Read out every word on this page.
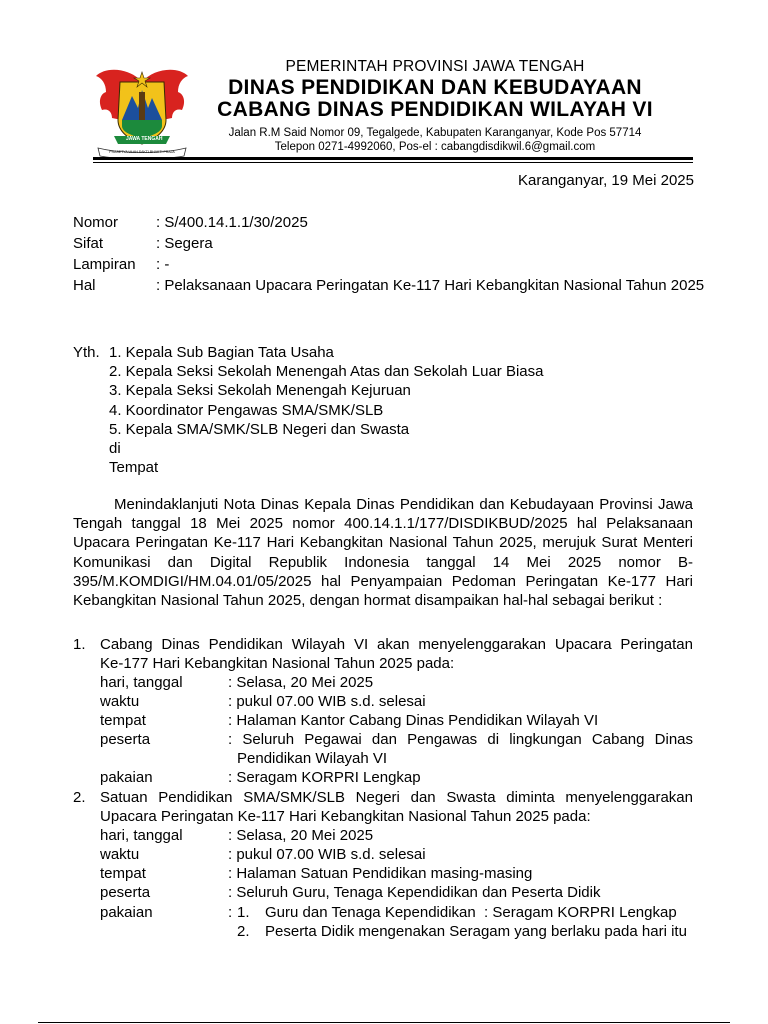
JAWA TENGAH
PRASETYA ULAH SAKTI BHAKTI PRAJA
PEMERINTAH PROVINSI JAWA TENGAH
DINAS PENDIDIKAN DAN KEBUDAYAAN
CABANG DINAS PENDIDIKAN WILAYAH VI
Jalan R.M Said Nomor 09, Tegalgede, Kabupaten Karanganyar, Kode Pos 57714
Telepon 0271-4992060, Pos-el : cabangdisdikwil.6@gmail.com
Karanganyar, 19 Mei 2025
Nomor	: S/400.14.1.1/30/2025
Sifat	: Segera
Lampiran : -
Hal	: Pelaksanaan Upacara Peringatan Ke-117 Hari Kebangkitan Nasional Tahun 2025
Yth. 1. Kepala Sub Bagian Tata Usaha
2. Kepala Seksi Sekolah Menengah Atas dan Sekolah Luar Biasa
3. Kepala Seksi Sekolah Menengah Kejuruan
4. Koordinator Pengawas SMA/SMK/SLB
5. Kepala SMA/SMK/SLB Negeri dan Swasta
di
Tempat
Menindaklanjuti Nota Dinas Kepala Dinas Pendidikan dan Kebudayaan Provinsi Jawa Tengah tanggal 18 Mei 2025 nomor 400.14.1.1/177/DISDIKBUD/2025 hal Pelaksanaan Upacara Peringatan Ke-117 Hari Kebangkitan Nasional Tahun 2025, merujuk Surat Menteri Komunikasi dan Digital Republik Indonesia tanggal 14 Mei 2025 nomor B-395/M.KOMDIGI/HM.04.01/05/2025 hal Penyampaian Pedoman Peringatan Ke-177 Hari Kebangkitan Nasional Tahun 2025, dengan hormat disampaikan hal-hal sebagai berikut :
1. Cabang Dinas Pendidikan Wilayah VI akan menyelenggarakan Upacara Peringatan
Ke-177 Hari Kebangkitan Nasional Tahun 2025 pada:
hari, tanggal	: Selasa, 20 Mei 2025
waktu	: pukul 07.00 WIB s.d. selesai
tempat	: Halaman Kantor Cabang Dinas Pendidikan Wilayah VI
peserta	: Seluruh Pegawai dan Pengawas di lingkungan Cabang Dinas
Pendidikan Wilayah VI
pakaian	: Seragam KORPRI Lengkap
2. Satuan Pendidikan SMA/SMK/SLB Negeri dan Swasta diminta menyelenggarakan
Upacara Peringatan Ke-117 Hari Kebangkitan Nasional Tahun 2025 pada:
hari, tanggal	: Selasa, 20 Mei 2025
waktu	: pukul 07.00 WIB s.d. selesai
tempat	: Halaman Satuan Pendidikan masing-masing
peserta	: Seluruh Guru, Tenaga Kependidikan dan Peserta Didik
pakaian	: 1. Guru dan Tenaga Kependidikan  : Seragam KORPRI Lengkap
2. Peserta Didik mengenakan Seragam yang berlaku pada hari itu
